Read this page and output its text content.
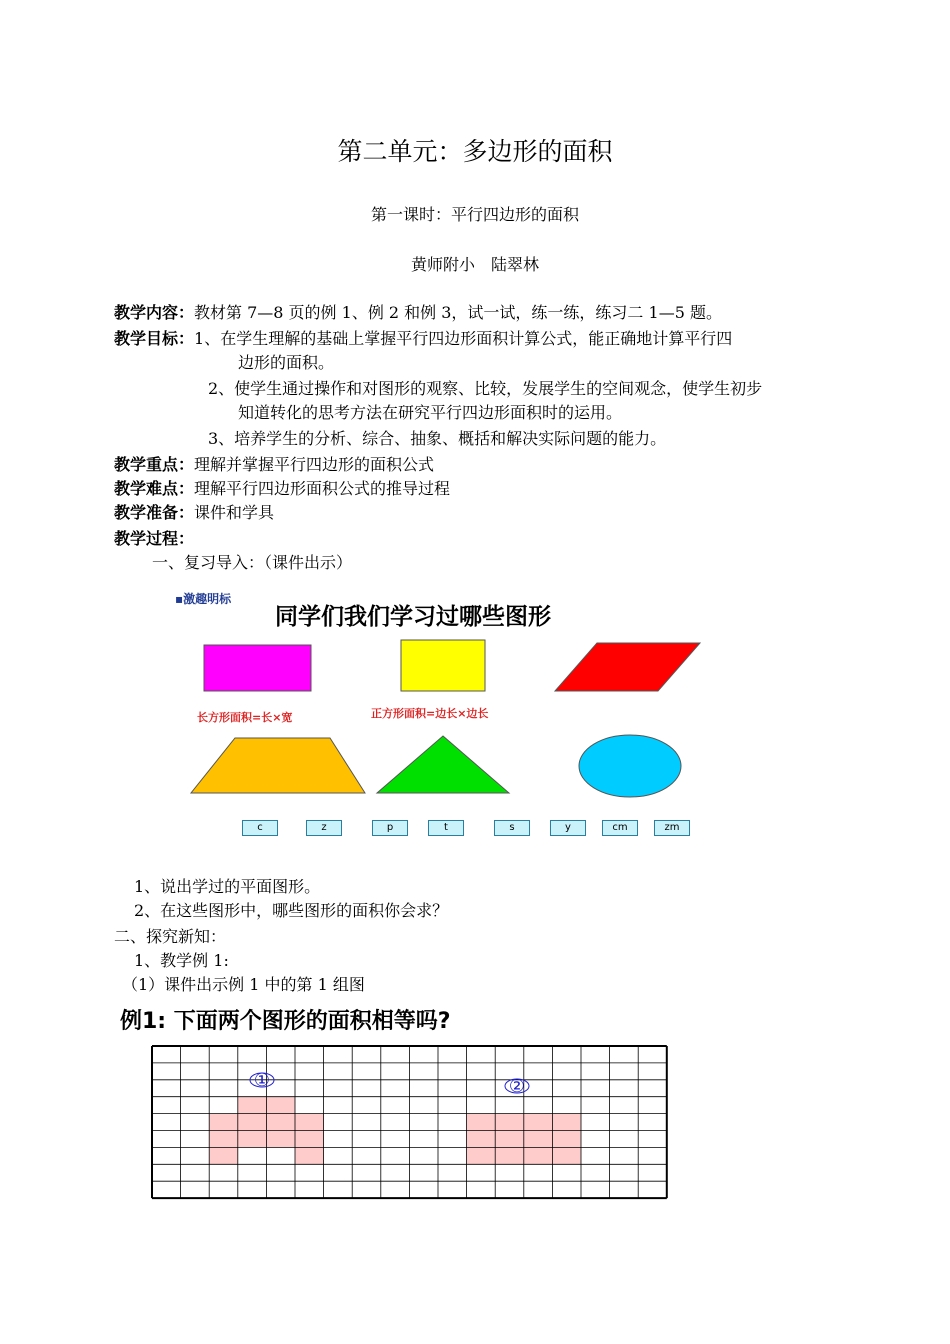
第二单元：多边形的面积
第一课时：平行四边形的面积
黄师附小　陆翠林
教学内容：教材第 7—8 页的例 1、例 2 和例 3，试一试，练一练，练习二 1—5 题。
教学目标：1、在学生理解的基础上掌握平行四边形面积计算公式，能正确地计算平行四
边形的面积。
2、使学生通过操作和对图形的观察、比较，发展学生的空间观念，使学生初步
知道转化的思考方法在研究平行四边形面积时的运用。
3、培养学生的分析、综合、抽象、概括和解决实际问题的能力。
教学重点：理解并掌握平行四边形的面积公式
教学难点：理解平行四边形面积公式的推导过程
教学准备：课件和学具
教学过程：
一、复习导入：（课件出示）
▪激趣明标
同学们我们学习过哪些图形
长方形面积=长×宽	正方形面积=边长×边长
c	z	p	t	s	y	cm	zm
1、说出学过的平面图形。
2、在这些图形中，哪些图形的面积你会求？
二、探究新知：
1、教学例 1:
（1）课件出示例 1 中的第 1 组图
例1: 下面两个图形的面积相等吗?
①	②
